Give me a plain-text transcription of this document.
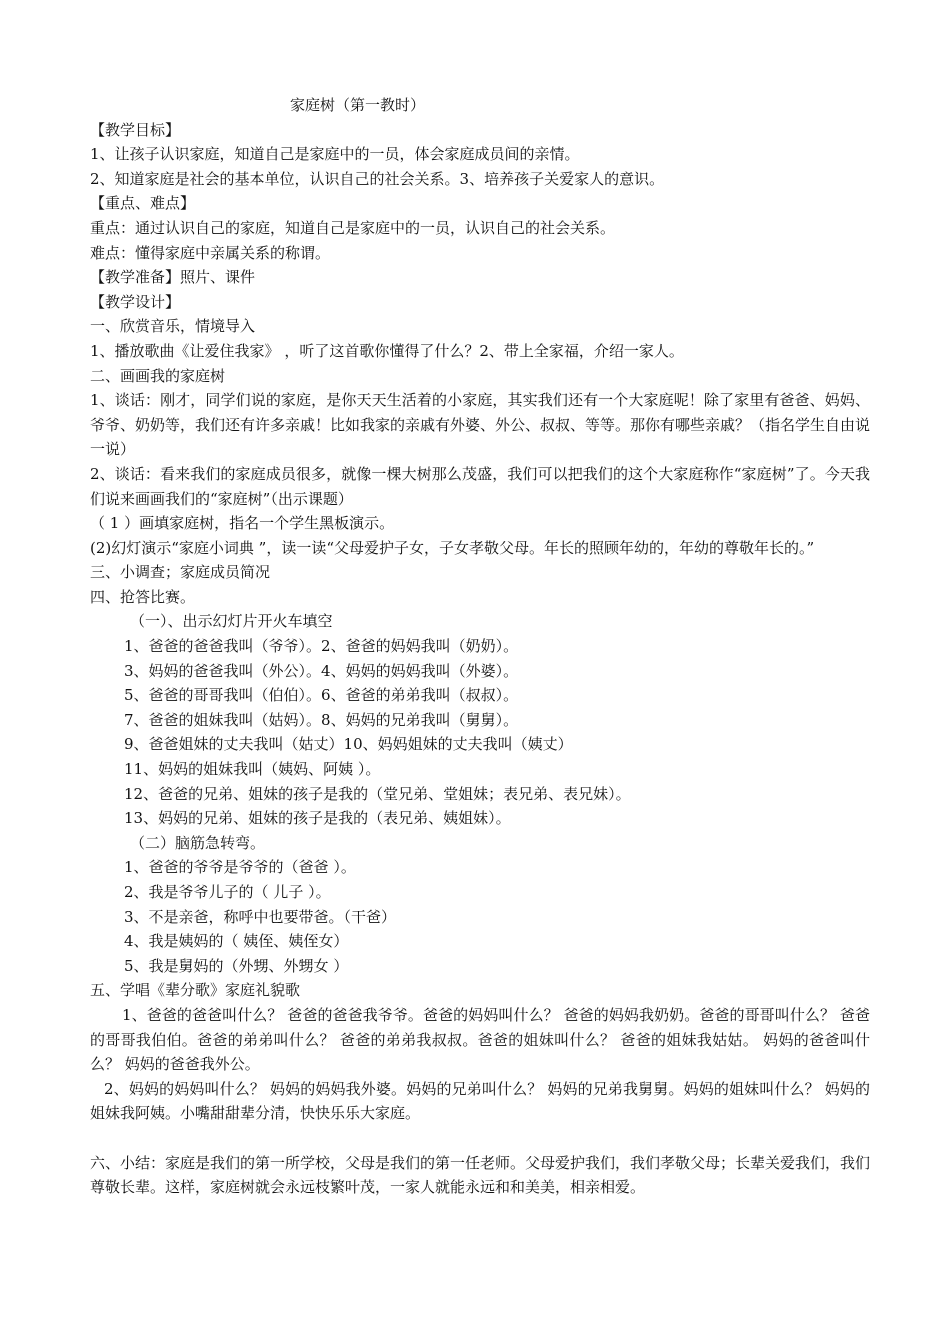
家庭树（第一教时）
【教学目标】
1、让孩子认识家庭，知道自己是家庭中的一员，体会家庭成员间的亲情。
2、知道家庭是社会的基本单位，认识自己的社会关系。3、培养孩子关爱家人的意识。
【重点、难点】
重点：通过认识自己的家庭，知道自己是家庭中的一员，认识自己的社会关系。
难点：懂得家庭中亲属关系的称谓。
【教学准备】照片、课件
【教学设计】
一、欣赏音乐，情境导入
1、播放歌曲《让爱住我家》 ，听了这首歌你懂得了什么？2、带上全家福，介绍一家人。
二、画画我的家庭树
1、谈话：刚才，同学们说的家庭，是你天天生活着的小家庭，其实我们还有一个大家庭呢！除了家里有爸爸、妈妈、爷爷、奶奶等，我们还有许多亲戚！比如我家的亲戚有外婆、外公、叔叔、等等。那你有哪些亲戚？（指名学生自由说一说）
2、谈话：看来我们的家庭成员很多，就像一棵大树那么茂盛，我们可以把我们的这个大家庭称作“家庭树”了。今天我们说来画画我们的“家庭树”（出示课题）
（ 1 ）画填家庭树，指名一个学生黑板演示。
(2)幻灯演示“家庭小词典 ”，读一读“父母爱护子女，子女孝敬父母。年长的照顾年幼的，年幼的尊敬年长的。”
三、小调查；家庭成员简况
四、抢答比赛。
（一）、出示幻灯片开火车填空
1、爸爸的爸爸我叫（爷爷）。2、爸爸的妈妈我叫（奶奶）。
3、妈妈的爸爸我叫（外公）。4、妈妈的妈妈我叫（外婆）。
5、爸爸的哥哥我叫（伯伯）。6、爸爸的弟弟我叫（叔叔）。
7、爸爸的姐妹我叫（姑妈）。8、妈妈的兄弟我叫（舅舅）。
9、爸爸姐妹的丈夫我叫（姑丈）10、妈妈姐妹的丈夫我叫（姨丈）
11、妈妈的姐妹我叫（姨妈、阿姨 ）。
12、爸爸的兄弟、姐妹的孩子是我的（堂兄弟、堂姐妹；表兄弟、表兄妹）。
13、妈妈的兄弟、姐妹的孩子是我的（表兄弟、姨姐妹）。
（二）脑筋急转弯。
1、爸爸的爷爷是爷爷的（爸爸 ）。
2、我是爷爷儿子的（ 儿子 ）。
3、不是亲爸，称呼中也要带爸。（干爸）
4、我是姨妈的（ 姨侄、姨侄女）
5、我是舅妈的（外甥、外甥女 ）
五、学唱《辈分歌》家庭礼貌歌
1、爸爸的爸爸叫什么？ 爸爸的爸爸我爷爷。爸爸的妈妈叫什么？ 爸爸的妈妈我奶奶。爸爸的哥哥叫什么？ 爸爸的哥哥我伯伯。爸爸的弟弟叫什么？ 爸爸的弟弟我叔叔。爸爸的姐妹叫什么？ 爸爸的姐妹我姑姑。 妈妈的爸爸叫什么？ 妈妈的爸爸我外公。
2、妈妈的妈妈叫什么？ 妈妈的妈妈我外婆。妈妈的兄弟叫什么？ 妈妈的兄弟我舅舅。妈妈的姐妹叫什么？ 妈妈的姐妹我阿姨。小嘴甜甜辈分清，快快乐乐大家庭。
六、小结：家庭是我们的第一所学校，父母是我们的第一任老师。父母爱护我们，我们孝敬父母；长辈关爱我们，我们尊敬长辈。这样，家庭树就会永远枝繁叶茂，一家人就能永远和和美美，相亲相爱。
